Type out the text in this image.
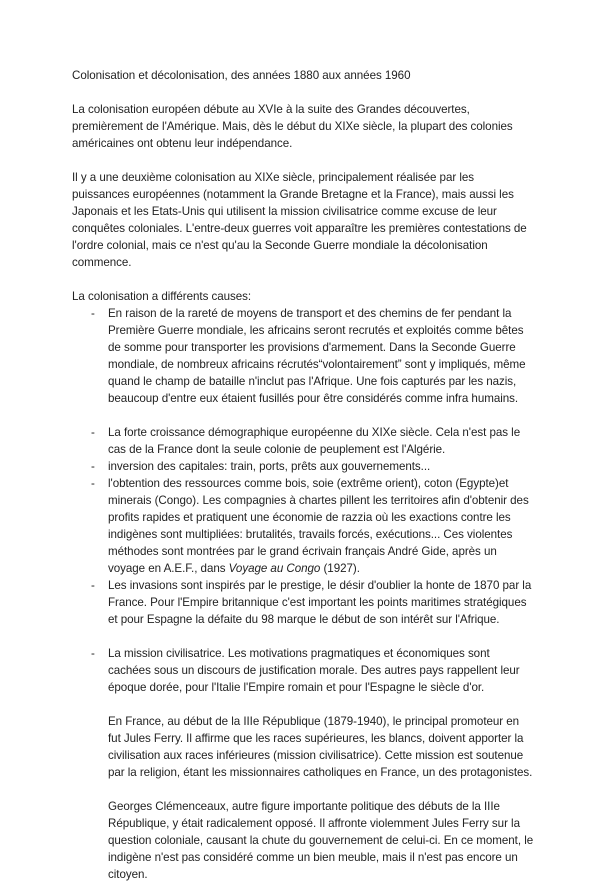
Colonisation et décolonisation, des années 1880 aux années 1960

La colonisation européen débute au XVIe à la suite des Grandes découvertes, premièrement de l'Amérique. Mais, dès le début du XIXe siècle, la plupart des colonies américaines ont obtenu leur indépendance.

Il y a une deuxième colonisation au XIXe siècle, principalement réalisée par les puissances européennes (notamment la Grande Bretagne et la France), mais aussi les Japonais et les Etats-Unis qui utilisent la mission civilisatrice comme excuse de leur conquêtes coloniales. L'entre-deux guerres voit apparaître les premières contestations de l'ordre colonial, mais ce n'est qu'au la Seconde Guerre mondiale la décolonisation commence.

La colonisation a différents causes:

- En raison de la rareté de moyens de transport et des chemins de fer pendant la Première Guerre mondiale, les africains seront recrutés et exploités comme bêtes de somme pour transporter les provisions d'armement. Dans la Seconde Guerre mondiale, de nombreux africains récrutés“volontairement” sont y impliqués, même quand le champ de bataille n'inclut pas l'Afrique. Une fois capturés par les nazis, beaucoup d'entre eux étaient fusillés pour être considérés comme infra humains.
- La forte croissance démographique européenne du XIXe siècle. Cela n'est pas le cas de la France dont la seule colonie de peuplement est l'Algérie.
- inversion des capitales: train, ports, prêts aux gouvernements...
- l'obtention des ressources comme bois, soie (extrême orient), coton (Egypte)et minerais (Congo). Les compagnies à chartes pillent les territoires afin d'obtenir des profits rapides et pratiquent une économie de razzia où les exactions contre les indigènes sont multipliées: brutalités, travails forcés, exécutions... Ces violentes méthodes sont montrées par le grand écrivain français André Gide, après un voyage en A.E.F., dans Voyage au Congo (1927).
- Les invasions sont inspirés par le prestige, le désir d'oublier la honte de 1870 par la France. Pour l'Empire britannique c'est important les points maritimes stratégiques et pour Espagne la défaite du 98 marque le début de son intérêt sur l'Afrique.
- La mission civilisatrice. Les motivations pragmatiques et économiques sont cachées sous un discours de justification morale. Des autres pays rappellent leur époque dorée, pour l'Italie l'Empire romain et pour l'Espagne le siècle d'or.

En France, au début de la IIIe République (1879-1940), le principal promoteur en fut Jules Ferry. Il affirme que les races supérieures, les blancs, doivent apporter la civilisation aux races inférieures (mission civilisatrice). Cette mission est soutenue par la religion, étant les missionnaires catholiques en France, un des protagonistes.

Georges Clémenceaux, autre figure importante politique des débuts de la IIIe République, y était radicalement opposé. Il affronte violemment Jules Ferry sur la question coloniale, causant la chute du gouvernement de celui-ci. En ce moment, le indigène n'est pas considéré comme un bien meuble, mais il n'est pas encore un citoyen.
